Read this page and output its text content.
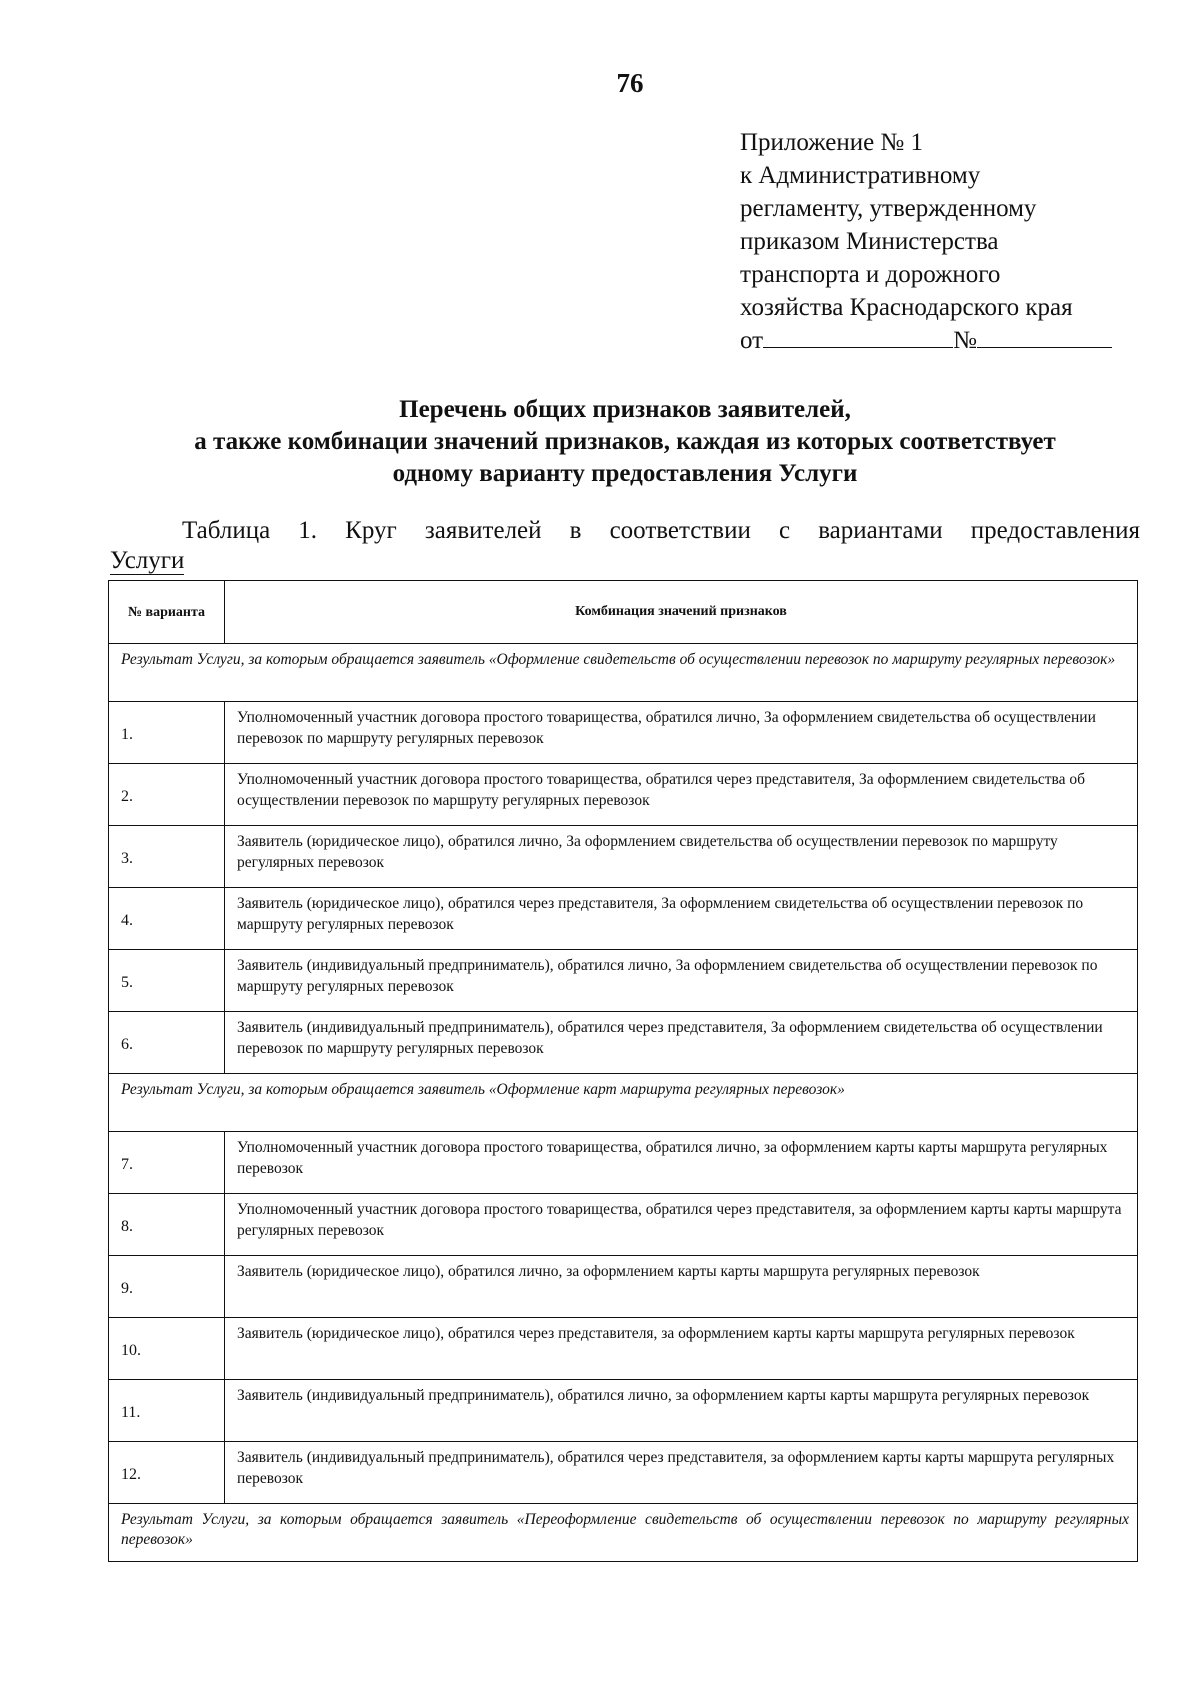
76
Приложение № 1
к Административному
регламенту, утвержденному
приказом Министерства
транспорта и дорожного
хозяйства Краснодарского края
от	№
Перечень общих признаков заявителей,
а также комбинации значений признаков, каждая из которых соответствует
одному варианту предоставления Услуги
Таблица 1. Круг заявителей в соответствии с вариантами предоставления
Услуги
№ варианта	Комбинация значений признаков
Результат Услуги, за которым обращается заявитель «Оформление свидетельств об осуществлении перевозок по маршруту регулярных перевозок»	
1.	Уполномоченный участник договора простого товарищества, обратился лично, За оформлением свидетельства об осуществлении перевозок по маршруту регулярных перевозок
2.	Уполномоченный участник договора простого товарищества, обратился через представителя, За оформлением свидетельства об осуществлении перевозок по маршруту регулярных перевозок
3.	Заявитель (юридическое лицо), обратился лично, За оформлением свидетельства об осуществлении перевозок по маршруту регулярных перевозок
4.	Заявитель (юридическое лицо), обратился через представителя, За оформлением свидетельства об осуществлении перевозок по маршруту регулярных перевозок
5.	Заявитель (индивидуальный предприниматель), обратился лично, За оформлением свидетельства об осуществлении перевозок по маршруту регулярных перевозок
6.	Заявитель (индивидуальный предприниматель), обратился через представителя, За оформлением свидетельства об осуществлении перевозок по маршруту регулярных перевозок
Результат Услуги, за которым обращается заявитель «Оформление карт маршрута регулярных перевозок»	
7.	Уполномоченный участник договора простого товарищества, обратился лично, за оформлением карты карты маршрута регулярных перевозок
8.	Уполномоченный участник договора простого товарищества, обратился через представителя, за оформлением карты карты маршрута регулярных перевозок
9.	Заявитель (юридическое лицо), обратился лично, за оформлением карты карты маршрута регулярных перевозок
10.	Заявитель (юридическое лицо), обратился через представителя, за оформлением карты карты маршрута регулярных перевозок
11.	Заявитель (индивидуальный предприниматель), обратился лично, за оформлением карты карты маршрута регулярных перевозок
12.	Заявитель (индивидуальный предприниматель), обратился через представителя, за оформлением карты карты маршрута регулярных перевозок
Результат Услуги, за которым обращается заявитель «Переоформление свидетельств об осуществлении перевозок по маршруту регулярных перевозок»	
